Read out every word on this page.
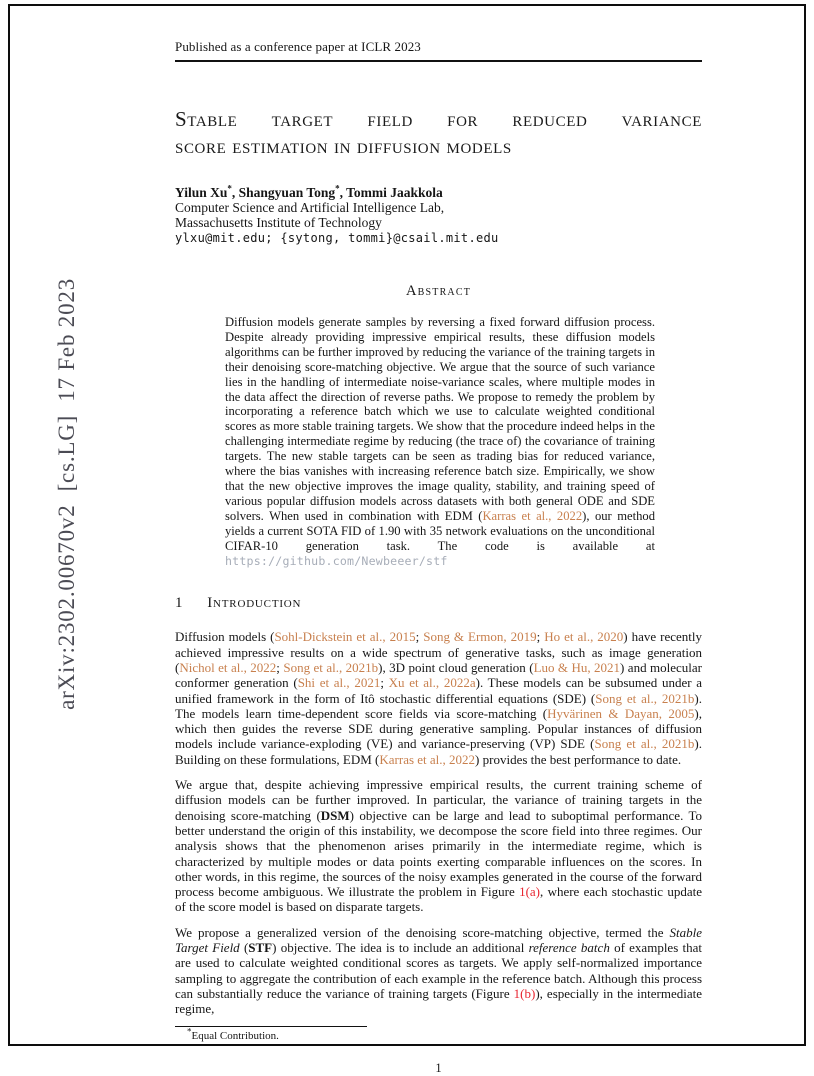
arXiv:2302.00670v2  [cs.LG]  17 Feb 2023
Published as a conference paper at ICLR 2023
Stable target field for reduced variance
score estimation in diffusion models
Yilun Xu*, Shangyuan Tong*, Tommi Jaakkola
Computer Science and Artificial Intelligence Lab,
Massachusetts Institute of Technology
ylxu@mit.edu; {sytong, tommi}@csail.mit.edu
Abstract
Diffusion models generate samples by reversing a fixed forward diffusion process. Despite already providing impressive empirical results, these diffusion models algorithms can be further improved by reducing the variance of the training targets in their denoising score-matching objective. We argue that the source of such variance lies in the handling of intermediate noise-variance scales, where multiple modes in the data affect the direction of reverse paths. We propose to remedy the problem by incorporating a reference batch which we use to calculate weighted conditional scores as more stable training targets. We show that the procedure indeed helps in the challenging intermediate regime by reducing (the trace of) the covariance of training targets. The new stable targets can be seen as trading bias for reduced variance, where the bias vanishes with increasing reference batch size. Empirically, we show that the new objective improves the image quality, stability, and training speed of various popular diffusion models across datasets with both general ODE and SDE solvers. When used in combination with EDM (Karras et al., 2022), our method yields a current SOTA FID of 1.90 with 35 network evaluations on the unconditional CIFAR-10 generation task. The code is available at https://github.com/Newbeeer/stf
1 Introduction

Diffusion models (Sohl-Dickstein et al., 2015; Song & Ermon, 2019; Ho et al., 2020) have recently achieved impressive results on a wide spectrum of generative tasks, such as image generation (Nichol et al., 2022; Song et al., 2021b), 3D point cloud generation (Luo & Hu, 2021) and molecular conformer generation (Shi et al., 2021; Xu et al., 2022a). These models can be subsumed under a unified framework in the form of Itô stochastic differential equations (SDE) (Song et al., 2021b). The models learn time-dependent score fields via score-matching (Hyvärinen & Dayan, 2005), which then guides the reverse SDE during generative sampling. Popular instances of diffusion models include variance-exploding (VE) and variance-preserving (VP) SDE (Song et al., 2021b). Building on these formulations, EDM (Karras et al., 2022) provides the best performance to date.

We argue that, despite achieving impressive empirical results, the current training scheme of diffusion models can be further improved. In particular, the variance of training targets in the denoising score-matching (DSM) objective can be large and lead to suboptimal performance. To better understand the origin of this instability, we decompose the score field into three regimes. Our analysis shows that the phenomenon arises primarily in the intermediate regime, which is characterized by multiple modes or data points exerting comparable influences on the scores. In other words, in this regime, the sources of the noisy examples generated in the course of the forward process become ambiguous. We illustrate the problem in Figure 1(a), where each stochastic update of the score model is based on disparate targets.

We propose a generalized version of the denoising score-matching objective, termed the Stable Target Field (STF) objective. The idea is to include an additional reference batch of examples that are used to calculate weighted conditional scores as targets. We apply self-normalized importance sampling to aggregate the contribution of each example in the reference batch. Although this process can substantially reduce the variance of training targets (Figure 1(b)), especially in the intermediate regime,

*Equal Contribution.
1
